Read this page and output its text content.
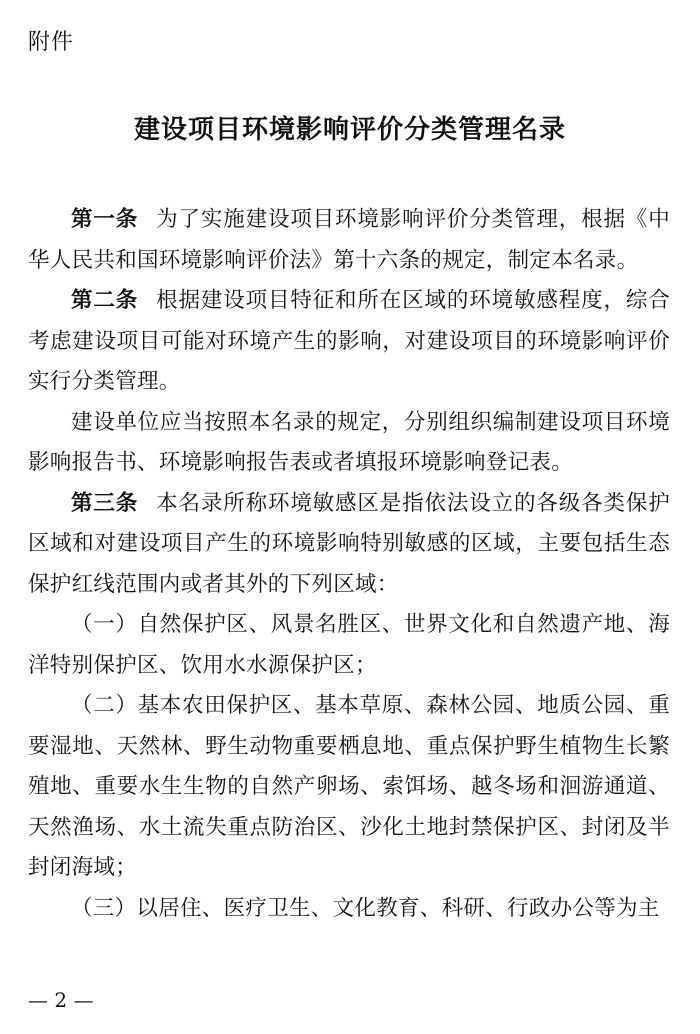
附件
建设项目环境影响评价分类管理名录

第一条 为了实施建设项目环境影响评价分类管理，根据《中华人民共和国环境影响评价法》第十六条的规定，制定本名录。

第二条 根据建设项目特征和所在区域的环境敏感程度，综合考虑建设项目可能对环境产生的影响，对建设项目的环境影响评价实行分类管理。

建设单位应当按照本名录的规定，分别组织编制建设项目环境影响报告书、环境影响报告表或者填报环境影响登记表。

第三条 本名录所称环境敏感区是指依法设立的各级各类保护区域和对建设项目产生的环境影响特别敏感的区域，主要包括生态保护红线范围内或者其外的下列区域：

（一）自然保护区、风景名胜区、世界文化和自然遗产地、海洋特别保护区、饮用水水源保护区；

（二）基本农田保护区、基本草原、森林公园、地质公园、重要湿地、天然林、野生动物重要栖息地、重点保护野生植物生长繁殖地、重要水生生物的自然产卵场、索饵场、越冬场和洄游通道、天然渔场、水土流失重点防治区、沙化土地封禁保护区、封闭及半封闭海域；

（三）以居住、医疗卫生、文化教育、科研、行政办公等为主

— 2 —
